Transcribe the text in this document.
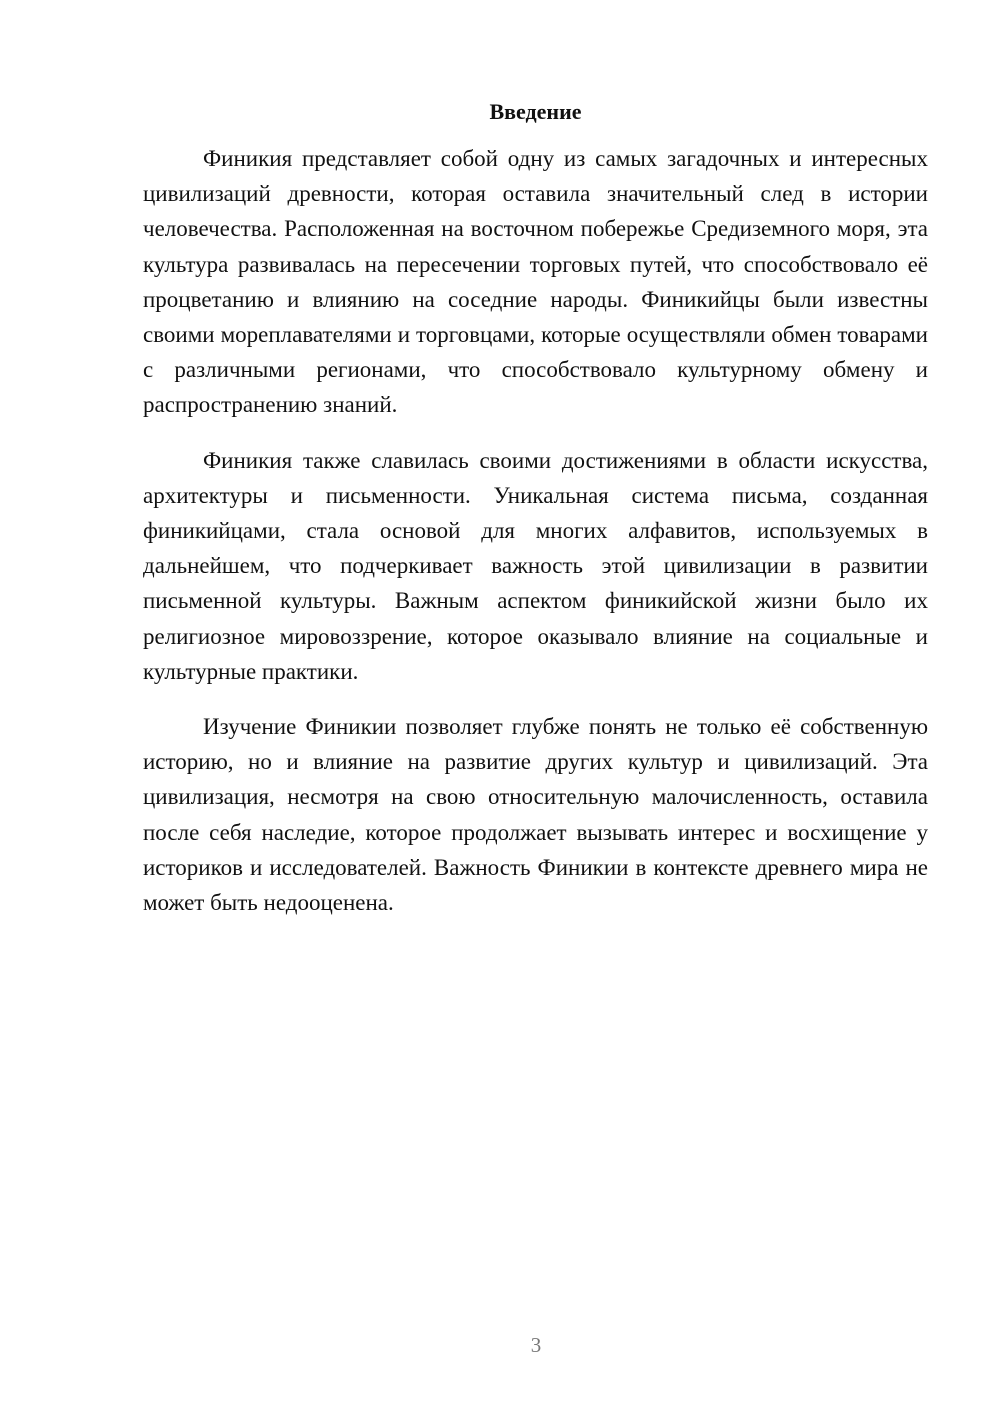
Введение

Финикия представляет собой одну из самых загадочных и интересных цивилизаций древности, которая оставила значительный след в истории человечества. Расположенная на восточном побережье Средиземного моря, эта культура развивалась на пересечении торговых путей, что способствовало её процветанию и влиянию на соседние народы. Финикийцы были известны своими мореплавателями и торговцами, которые осуществляли обмен товарами с различными регионами, что способствовало культурному обмену и распространению знаний.

Финикия также славилась своими достижениями в области искусства, архитектуры и письменности. Уникальная система письма, созданная финикийцами, стала основой для многих алфавитов, используемых в дальнейшем, что подчеркивает важность этой цивилизации в развитии письменной культуры. Важным аспектом финикийской жизни было их религиозное мировоззрение, которое оказывало влияние на социальные и культурные практики.

Изучение Финикии позволяет глубже понять не только её собственную историю, но и влияние на развитие других культур и цивилизаций. Эта цивилизация, несмотря на свою относительную малочисленность, оставила после себя наследие, которое продолжает вызывать интерес и восхищение у историков и исследователей. Важность Финикии в контексте древнего мира не может быть недооценена.

3
